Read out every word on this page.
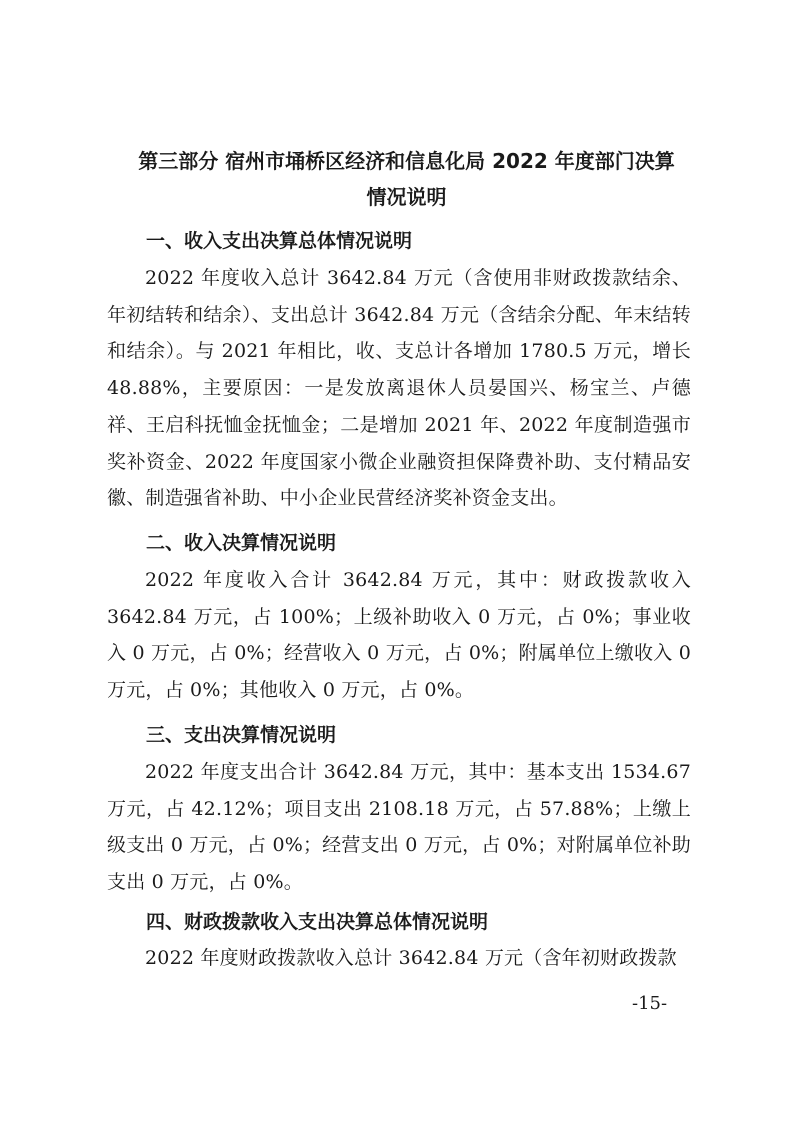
第三部分 宿州市埇桥区经济和信息化局 2022 年度部门决算
情况说明
一、收入支出决算总体情况说明
2022 年度收入总计 3642.84 万元（含使用非财政拨款结余、年初结转和结余）、支出总计 3642.84 万元（含结余分配、年末结转和结余）。与 2021 年相比，收、支总计各增加 1780.5 万元，增长 48.88%，主要原因：一是发放离退休人员晏国兴、杨宝兰、卢德祥、王启科抚恤金抚恤金；二是增加 2021 年、2022 年度制造强市奖补资金、2022 年度国家小微企业融资担保降费补助、支付精品安徽、制造强省补助、中小企业民营经济奖补资金支出。
二、收入决算情况说明
2022 年度收入合计 3642.84 万元，其中：财政拨款收入 3642.84 万元，占 100%；上级补助收入 0 万元，占 0%；事业收入 0 万元，占 0%；经营收入 0 万元，占 0%；附属单位上缴收入 0 万元，占 0%；其他收入 0 万元，占 0%。
三、支出决算情况说明
2022 年度支出合计 3642.84 万元，其中：基本支出 1534.67 万元，占 42.12%；项目支出 2108.18 万元，占 57.88%；上缴上级支出 0 万元，占 0%；经营支出 0 万元，占 0%；对附属单位补助支出 0 万元，占 0%。
四、财政拨款收入支出决算总体情况说明
2022 年度财政拨款收入总计 3642.84 万元（含年初财政拨款
-15-
